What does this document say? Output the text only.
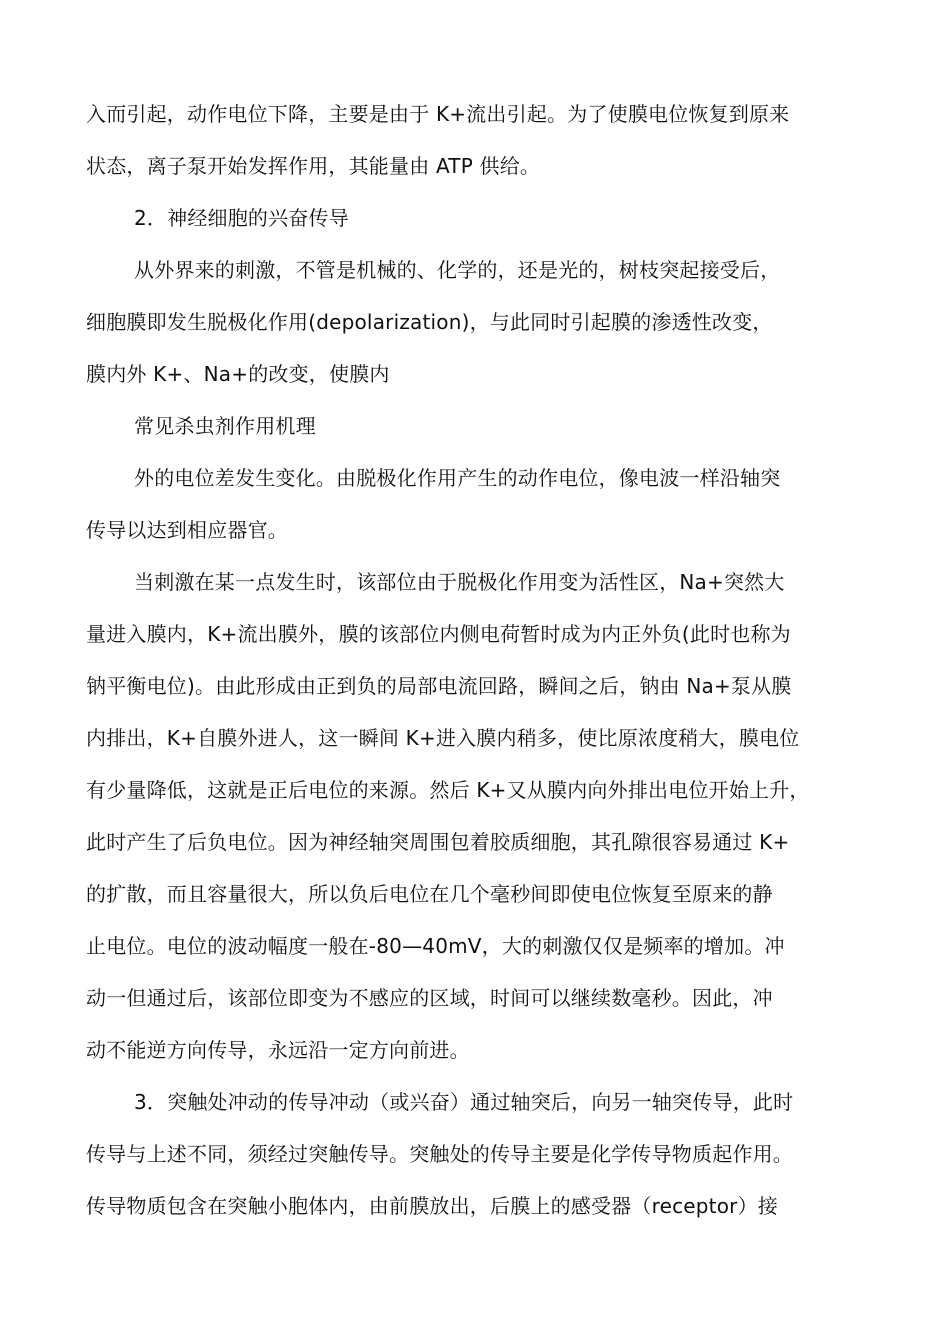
入而引起，动作电位下降，主要是由于 K+流出引起。为了使膜电位恢复到原来
状态，离子泵开始发挥作用，其能量由 ATP 供给。
2．神经细胞的兴奋传导
从外界来的刺激，不管是机械的、化学的，还是光的，树枝突起接受后，
细胞膜即发生脱极化作用(depolarization)，与此同时引起膜的渗透性改变，
膜内外 K+、Na+的改变，使膜内
常见杀虫剂作用机理
外的电位差发生变化。由脱极化作用产生的动作电位，像电波一样沿轴突
传导以达到相应器官。
当刺激在某一点发生时，该部位由于脱极化作用变为活性区，Na+突然大
量进入膜内，K+流出膜外，膜的该部位内侧电荷暂时成为内正外负(此时也称为
钠平衡电位)。由此形成由正到负的局部电流回路，瞬间之后，钠由 Na+泵从膜
内排出，K+自膜外进人，这一瞬间 K+进入膜内稍多，使比原浓度稍大，膜电位
有少量降低，这就是正后电位的来源。然后 K+又从膜内向外排出电位开始上升，
此时产生了后负电位。因为神经轴突周围包着胶质细胞，其孔隙很容易通过 K+
的扩散，而且容量很大，所以负后电位在几个毫秒间即使电位恢复至原来的静
止电位。电位的波动幅度一般在-80—40mV，大的刺激仅仅是频率的增加。冲
动一但通过后，该部位即变为不感应的区域，时间可以继续数毫秒。因此，冲
动不能逆方向传导，永远沿一定方向前进。
3．突触处冲动的传导冲动（或兴奋）通过轴突后，向另一轴突传导，此时
传导与上述不同，须经过突触传导。突触处的传导主要是化学传导物质起作用。
传导物质包含在突触小胞体内，由前膜放出，后膜上的感受器（receptor）接
